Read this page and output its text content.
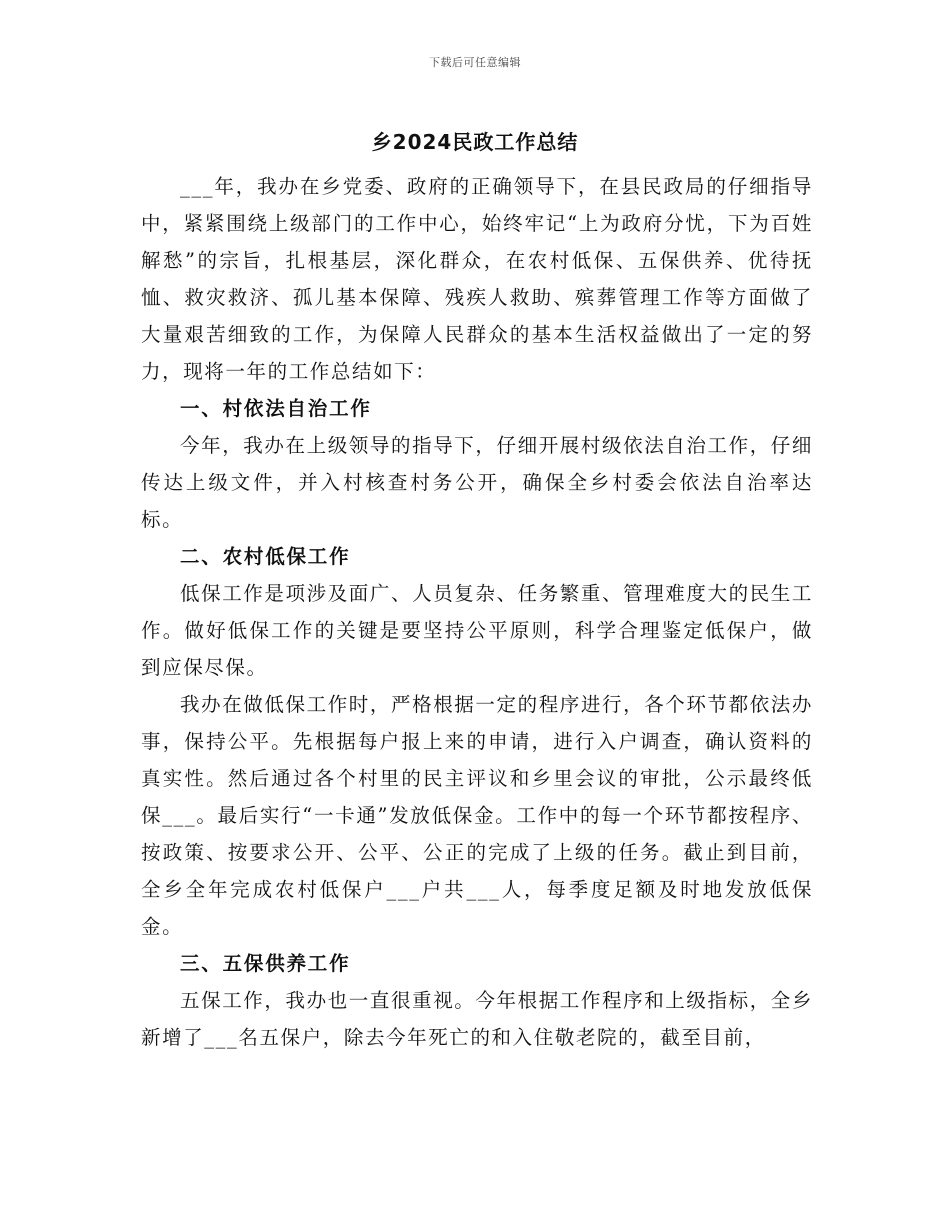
下载后可任意编辑
乡2024民政工作总结

___年，我办在乡党委、政府的正确领导下，在县民政局的仔细指导中，紧紧围绕上级部门的工作中心，始终牢记“上为政府分忧，下为百姓解愁”的宗旨，扎根基层，深化群众，在农村低保、五保供养、优待抚恤、救灾救济、孤儿基本保障、残疾人救助、殡葬管理工作等方面做了大量艰苦细致的工作，为保障人民群众的基本生活权益做出了一定的努力，现将一年的工作总结如下：

一、村依法自治工作

今年，我办在上级领导的指导下，仔细开展村级依法自治工作，仔细传达上级文件，并入村核查村务公开，确保全乡村委会依法自治率达标。

二、农村低保工作

低保工作是项涉及面广、人员复杂、任务繁重、管理难度大的民生工作。做好低保工作的关键是要坚持公平原则，科学合理鉴定低保户，做到应保尽保。

我办在做低保工作时，严格根据一定的程序进行，各个环节都依法办事，保持公平。先根据每户报上来的申请，进行入户调查，确认资料的真实性。然后通过各个村里的民主评议和乡里会议的审批，公示最终低保___。最后实行“一卡通”发放低保金。工作中的每一个环节都按程序、按政策、按要求公开、公平、公正的完成了上级的任务。截止到目前，全乡全年完成农村低保户___户共___人，每季度足额及时地发放低保金。

三、五保供养工作

五保工作，我办也一直很重视。今年根据工作程序和上级指标，全乡新增了___名五保户，除去今年死亡的和入住敬老院的，截至目前，
